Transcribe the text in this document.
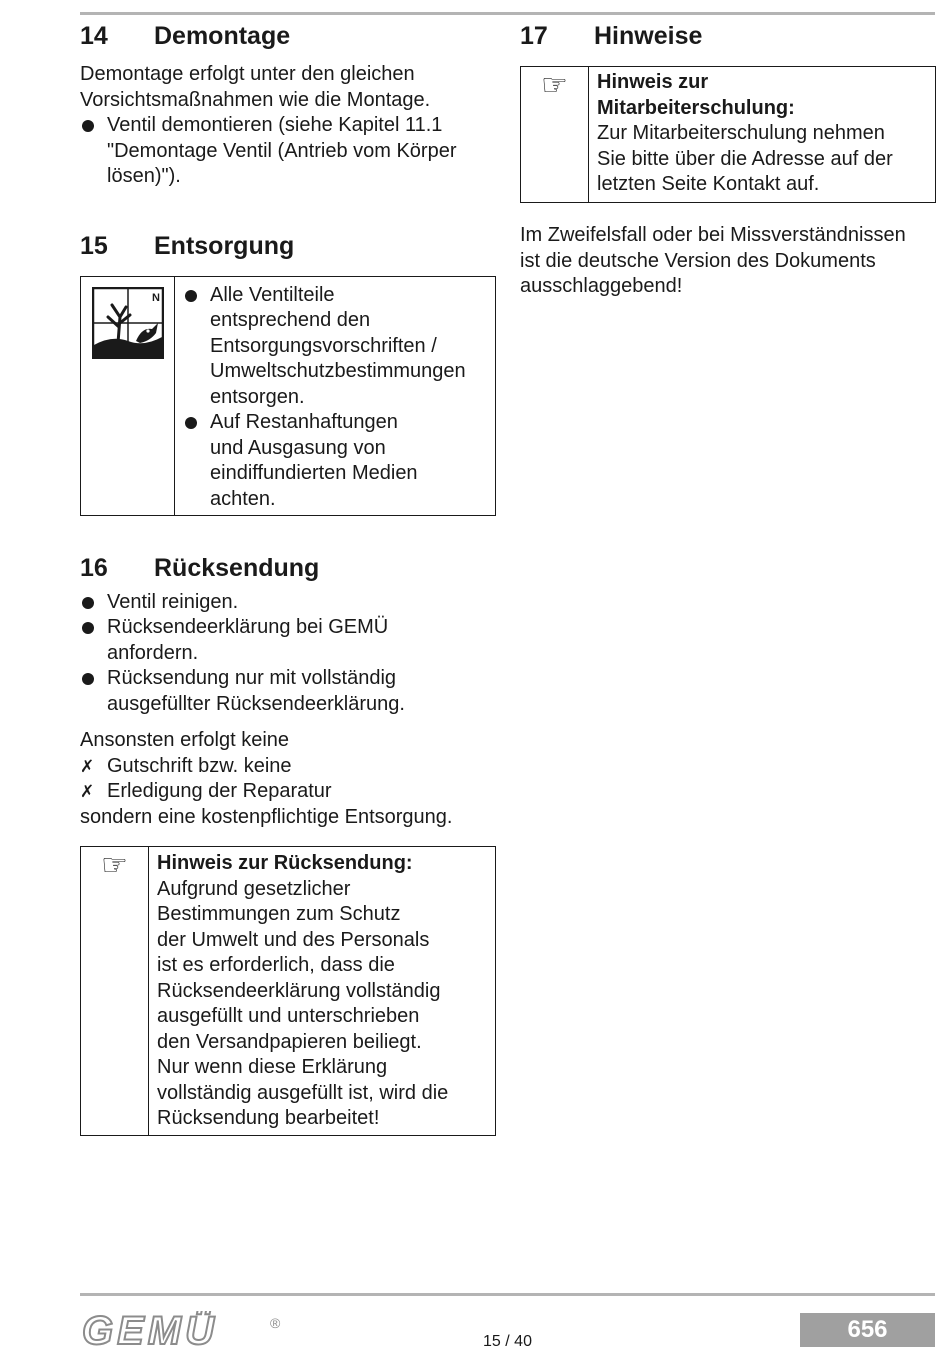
14	Demontage
Demontage erfolgt unter den gleichen
Vorsichtsmaßnahmen wie die Montage.
Ventil demontieren (siehe Kapitel 11.1
"Demontage Ventil (Antrieb vom Körper
lösen)").
15	Entsorgung
N	Alle Ventilteile
entsprechend den
Entsorgungsvorschriften /
Umweltschutzbestimmungen
entsorgen.
Auf Restanhaftungen
und Ausgasung von
eindiffundierten Medien
achten.
16	Rücksendung
Ventil reinigen.
Rücksendeerklärung bei GEMÜ
anfordern.
Rücksendung nur mit vollständig
ausgefüllter Rücksendeerklärung.
Ansonsten erfolgt keine
✗ Gutschrift bzw. keine
✗ Erledigung der Reparatur
sondern eine kostenpflichtige Entsorgung.
☞ Hinweis zur Rücksendung:
Aufgrund gesetzlicher
Bestimmungen zum Schutz
der Umwelt und des Personals
ist es erforderlich, dass die
Rücksendeerklärung vollständig
ausgefüllt und unterschrieben
den Versandpapieren beiliegt.
Nur wenn diese Erklärung
vollständig ausgefüllt ist, wird die
Rücksendung bearbeitet!
17	Hinweise
☞ Hinweis zur
Mitarbeiterschulung:
Zur Mitarbeiterschulung nehmen
Sie bitte über die Adresse auf der
letzten Seite Kontakt auf.
Im Zweifelsfall oder bei Missverständnissen
ist die deutsche Version des Dokuments
ausschlaggebend!
GEMÜ	®
15 / 40	656
